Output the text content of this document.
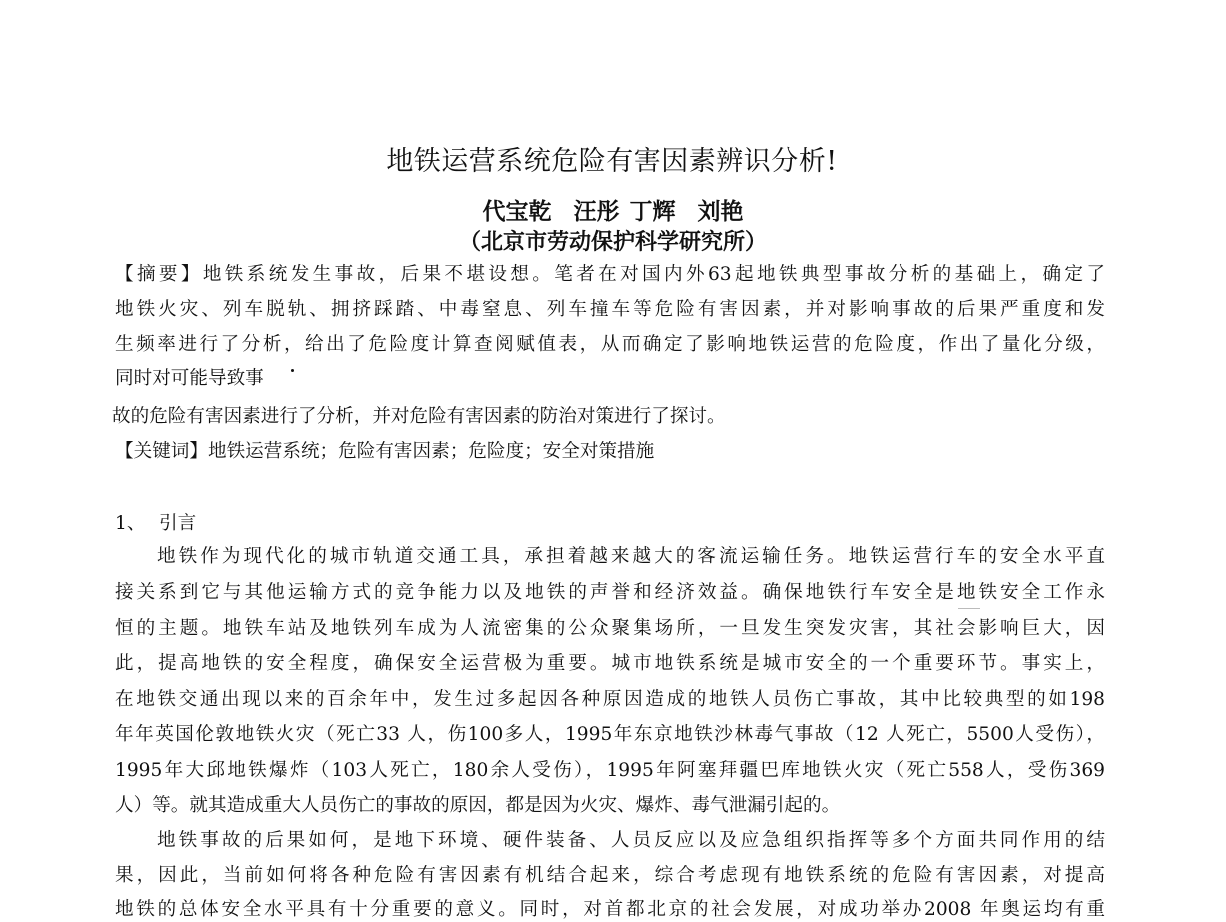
地铁运营系统危险有害因素辨识分析!
代宝乾 汪彤 丁辉 刘艳
（北京市劳动保护科学研究所）
【摘要】地铁系统发生事故，后果不堪设想。笔者在对国内外63起地铁典型事故分析的基础上，确定了
地铁火灾、列车脱轨、拥挤踩踏、中毒窒息、列车撞车等危险有害因素，并对影响事故的后果严重度和发
生频率进行了分析，给出了危险度计算查阅赋值表，从而确定了影响地铁运营的危险度，作出了量化分级，
同时对可能导致事
故的危险有害因素进行了分析，并对危险有害因素的防治对策进行了探讨。
【关键词】地铁运营系统；危险有害因素；危险度；安全对策措施
1、 引言
地铁作为现代化的城市轨道交通工具，承担着越来越大的客流运输任务。地铁运营行车的安全水平直
接关系到它与其他运输方式的竞争能力以及地铁的声誉和经济效益。确保地铁行车安全是地铁安全工作永
恒的主题。地铁车站及地铁列车成为人流密集的公众聚集场所，一旦发生突发灾害，其社会影响巨大，因
此，提高地铁的安全程度，确保安全运营极为重要。城市地铁系统是城市安全的一个重要环节。事实上，
在地铁交通出现以来的百余年中，发生过多起因各种原因造成的地铁人员伤亡事故，其中比较典型的如198
年年英国伦敦地铁火灾（死亡33 人，伤100多人，1995年东京地铁沙林毒气事故（12 人死亡，5500人受伤），
1995年大邱地铁爆炸（103人死亡，180余人受伤），1995年阿塞拜疆巴库地铁火灾（死亡558人，受伤369
人）等。就其造成重大人员伤亡的事故的原因，都是因为火灾、爆炸、毒气泄漏引起的。
地铁事故的后果如何，是地下环境、硬件装备、人员反应以及应急组织指挥等多个方面共同作用的结
果，因此，当前如何将各种危险有害因素有机结合起来，综合考虑现有地铁系统的危险有害因素，对提高
地铁的总体安全水平具有十分重要的意义。同时，对首都北京的社会发展，对成功举办2008 年奥运均有重
